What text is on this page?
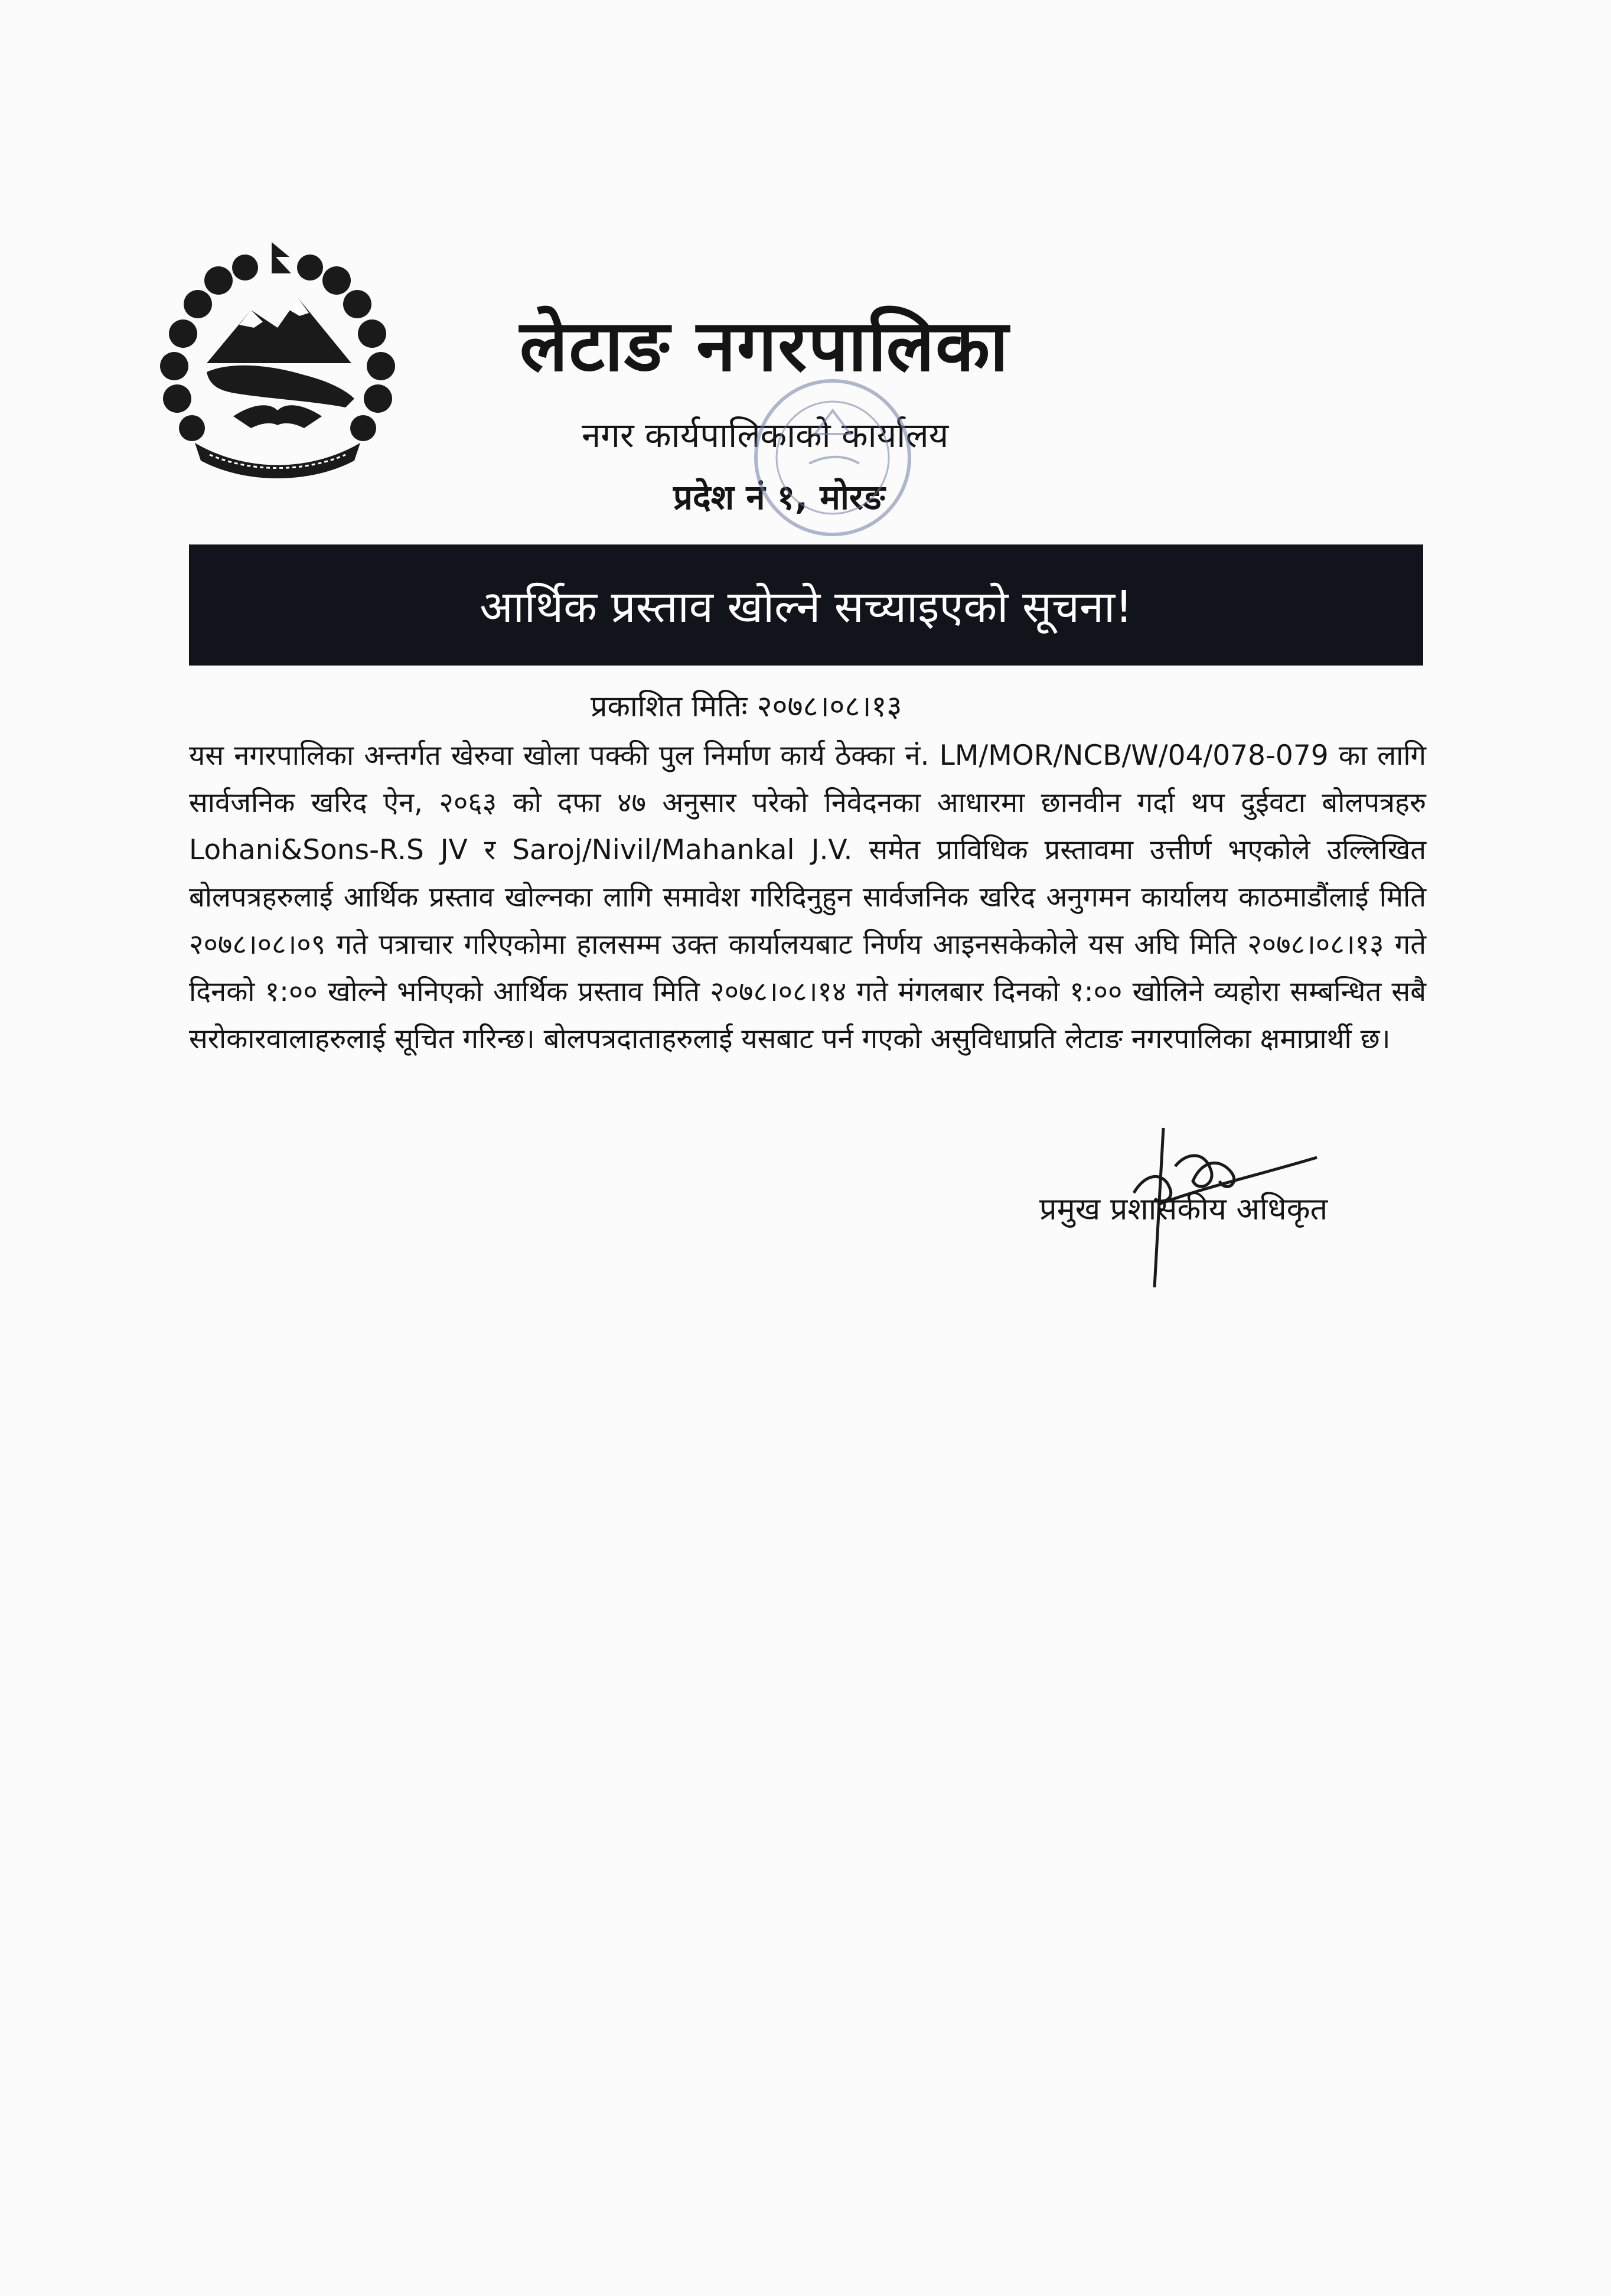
लेटाङ नगरपालिका
नगर कार्यपालिकाको कार्यालय
प्रदेश नं १, मोरङ
आर्थिक प्रस्ताव खोल्ने सच्याइएको सूचना!
प्रकाशित मितिः २०७८।०८।१३
यस नगरपालिका अन्तर्गत खेरुवा खोला पक्की पुल निर्माण कार्य ठेक्का नं. LM/MOR/NCB/W/04/078-079 का लागि सार्वजनिक खरिद ऐन, २०६३ को दफा ४७ अनुसार परेको निवेदनका आधारमा छानवीन गर्दा थप दुईवटा बोलपत्रहरु Lohani&Sons-R.S JV र Saroj/Nivil/Mahankal J.V. समेत प्राविधिक प्रस्तावमा उत्तीर्ण भएकोले उल्लिखित बोलपत्रहरुलाई आर्थिक प्रस्ताव खोल्नका लागि समावेश गरिदिनुहुन सार्वजनिक खरिद अनुगमन कार्यालय काठमाडौंलाई मिति २०७८।०८।०९ गते पत्राचार गरिएकोमा हालसम्म उक्त कार्यालयबाट निर्णय आइनसकेकोले यस अघि मिति २०७८।०८।१३ गते दिनको १:०० खोल्ने भनिएको आर्थिक प्रस्ताव मिति २०७८।०८।१४ गते मंगलबार दिनको १:०० खोलिने व्यहोरा सम्बन्धित सबै सरोकारवालाहरुलाई सूचित गरिन्छ। बोलपत्रदाताहरुलाई यसबाट पर्न गएको असुविधाप्रति लेटाङ नगरपालिका क्षमाप्रार्थी छ।
प्रमुख प्रशासकीय अधिकृत
